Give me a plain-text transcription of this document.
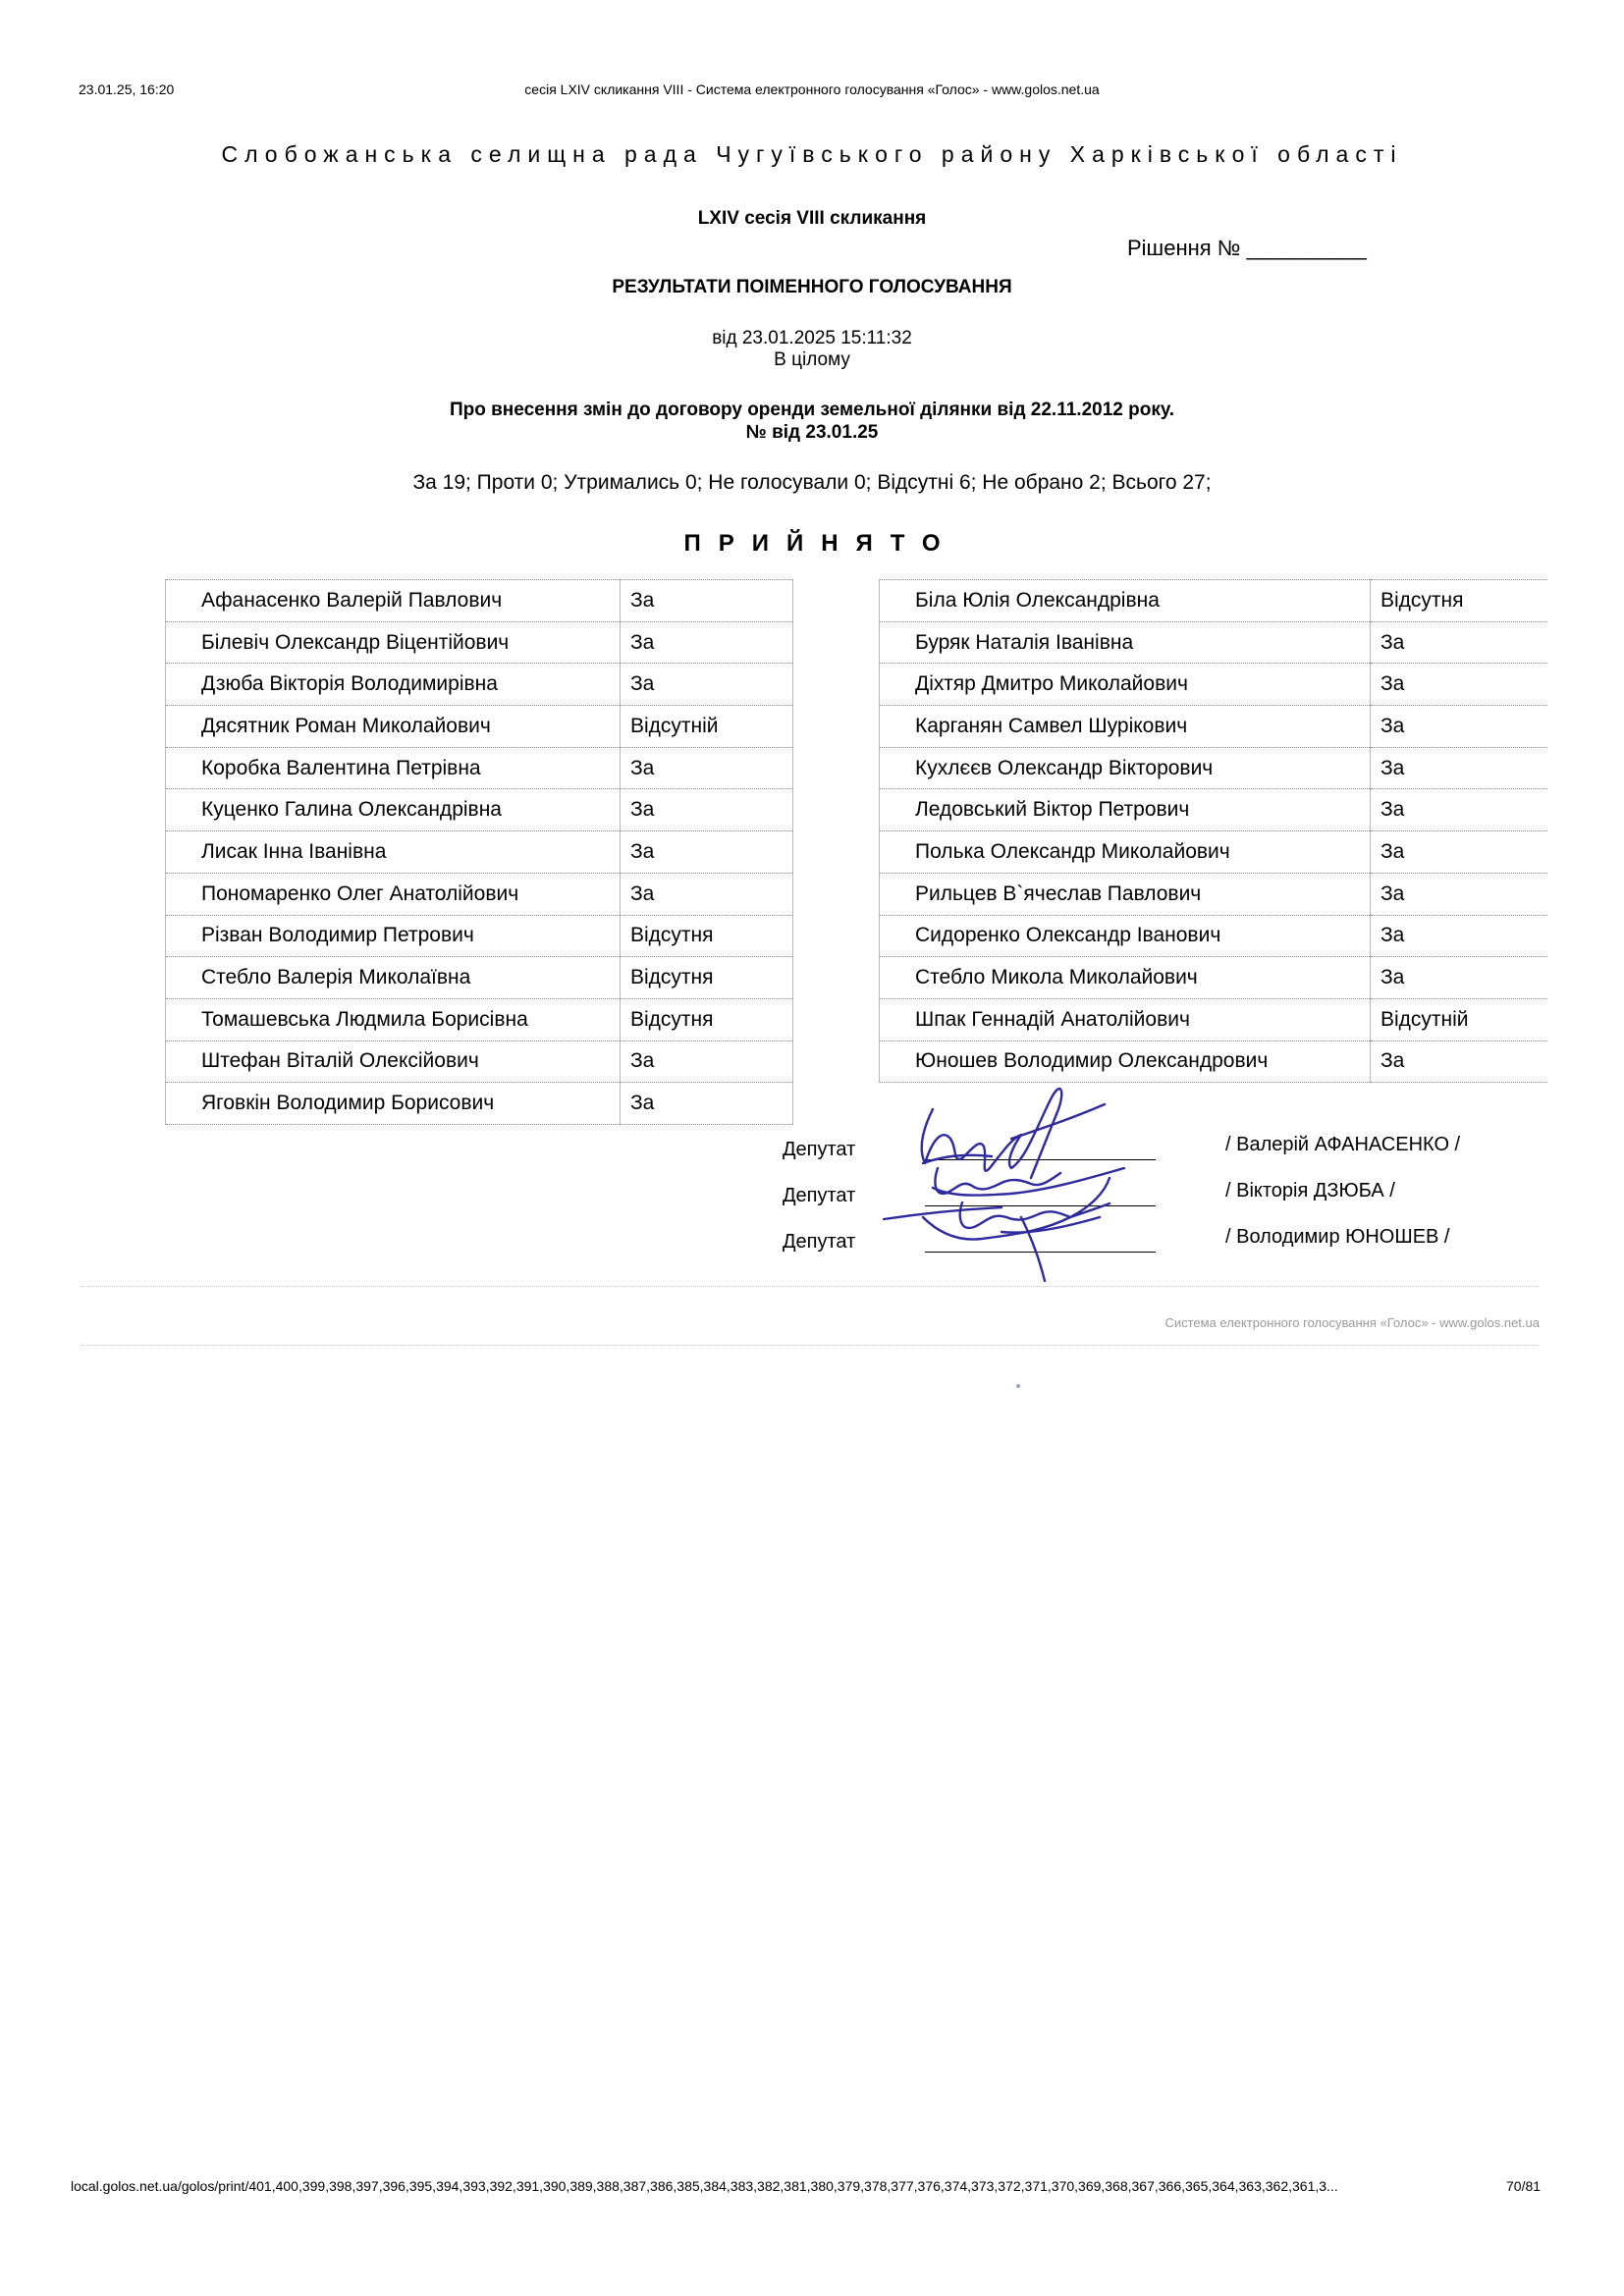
23.01.25, 16:20	сесія LXIV скликання VIII - Система електронного голосування «Голос» - www.golos.net.ua
Слобожанська селищна рада Чугуївського району Харківської області
LXIV сесія VIII скликання
Рішення № __________
РЕЗУЛЬТАТИ ПОІМЕННОГО ГОЛОСУВАННЯ
від 23.01.2025 15:11:32
В цілому
Про внесення змін до договору оренди земельної ділянки від 22.11.2012 року.
№ від 23.01.25
За 19; Проти 0; Утримались 0; Не голосували 0; Відсутні 6; Не обрано 2; Всього 27;
ПРИЙНЯТО
Афанасенко Валерій Павлович	За
Білевіч Олександр Віцентійович	За
Дзюба Вікторія Володимирівна	За
Дясятник Роман Миколайович	Відсутній
Коробка Валентина Петрівна	За
Куценко Галина Олександрівна	За
Лисак Інна Іванівна	За
Пономаренко Олег Анатолійович	За
Різван Володимир Петрович	Відсутня
Стебло Валерія Миколаївна	Відсутня
Томашевська Людмила Борисівна	Відсутня
Штефан Віталій Олексійович	За
Яговкін Володимир Борисович	За
Біла Юлія Олександрівна	Відсутня
Буряк Наталія Іванівна	За
Діхтяр Дмитро Миколайович	За
Карганян Самвел Шурікович	За
Кухлєєв Олександр Вікторович	За
Ледовський Віктор Петрович	За
Полька Олександр Миколайович	За
Рильцев В`ячеслав Павлович	За
Сидоренко Олександр Іванович	За
Стебло Микола Миколайович	За
Шпак Геннадій Анатолійович	Відсутній
Юношев Володимир Олександрович	За
Депутат	/ Валерій АФАНАСЕНКО /
Депутат	/ Вікторія ДЗЮБА /
Депутат	/ Володимир ЮНОШЕВ /
Система електронного голосування «Голос» - www.golos.net.ua
local.golos.net.ua/golos/print/401,400,399,398,397,396,395,394,393,392,391,390,389,388,387,386,385,384,383,382,381,380,379,378,377,376,374,373,372,371,370,369,368,367,366,365,364,363,362,361,3...	70/81
